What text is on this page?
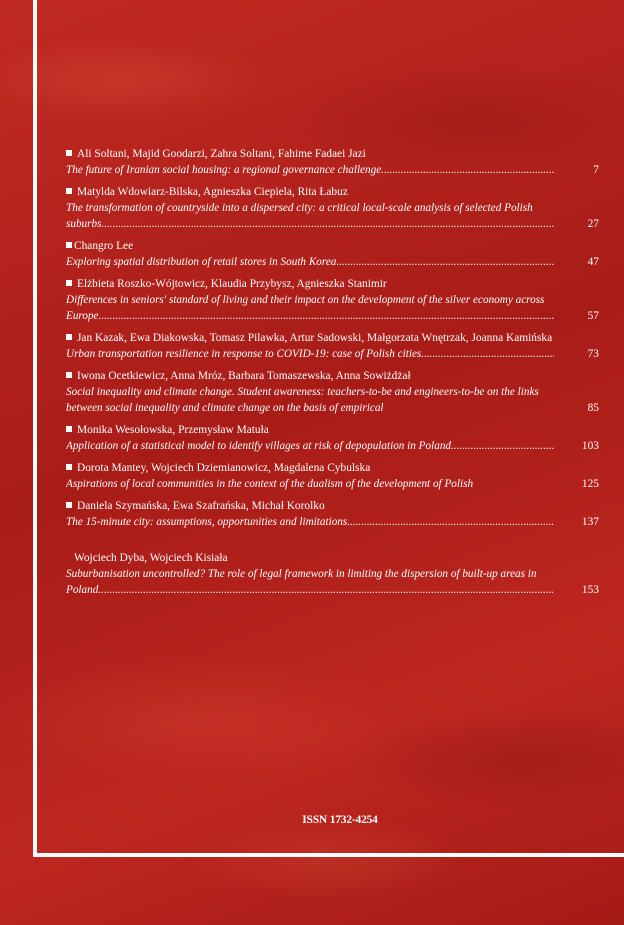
Ali Soltani, Majid Goodarzi, Zahra Soltani, Fahime Fadaei Jazi
The future of Iranian social housing: a regional governance challenge .....	7
Matylda Wdowiarz-Bilska, Agnieszka Ciepiela, Rita Łabuz
The transformation of countryside into a dispersed city: a critical local-scale analysis of selected Polish suburbs .....	27
Changro Lee
Exploring spatial distribution of retail stores in South Korea .....	47
Elżbieta Roszko-Wójtowicz, Klaudia Przybysz, Agnieszka Stanimir
Differences in seniors' standard of living and their impact on the development of the silver economy across Europe .....	57
Jan Kazak, Ewa Diakowska, Tomasz Pilawka, Artur Sadowski, Małgorzata Wnętrzak, Joanna Kamińska
Urban transportation resilience in response to COVID-19: case of Polish cities .....	73
Iwona Ocetkiewicz, Anna Mróz, Barbara Tomaszewska, Anna Sowiżdżał
Social inequality and climate change. Student awareness: teachers-to-be and engineers-to-be on the links between social inequality and climate change on the basis of empirical	85
Monika Wesołowska, Przemysław Matuła
Application of a statistical model to identify villages at risk of depopulation in Poland .....	103
Dorota Mantey, Wojciech Dziemianowicz, Magdalena Cybulska
Aspirations of local communities in the context of the dualism of the development of Polish	125
Daniela Szymańska, Ewa Szafrańska, Michał Korolko
The 15-minute city: assumptions, opportunities and limitations .....	137
Wojciech Dyba, Wojciech Kisiała
Suburbanisation uncontrolled? The role of legal framework in limiting the dispersion of built-up areas in Poland .....	153
ISSN 1732-4254
